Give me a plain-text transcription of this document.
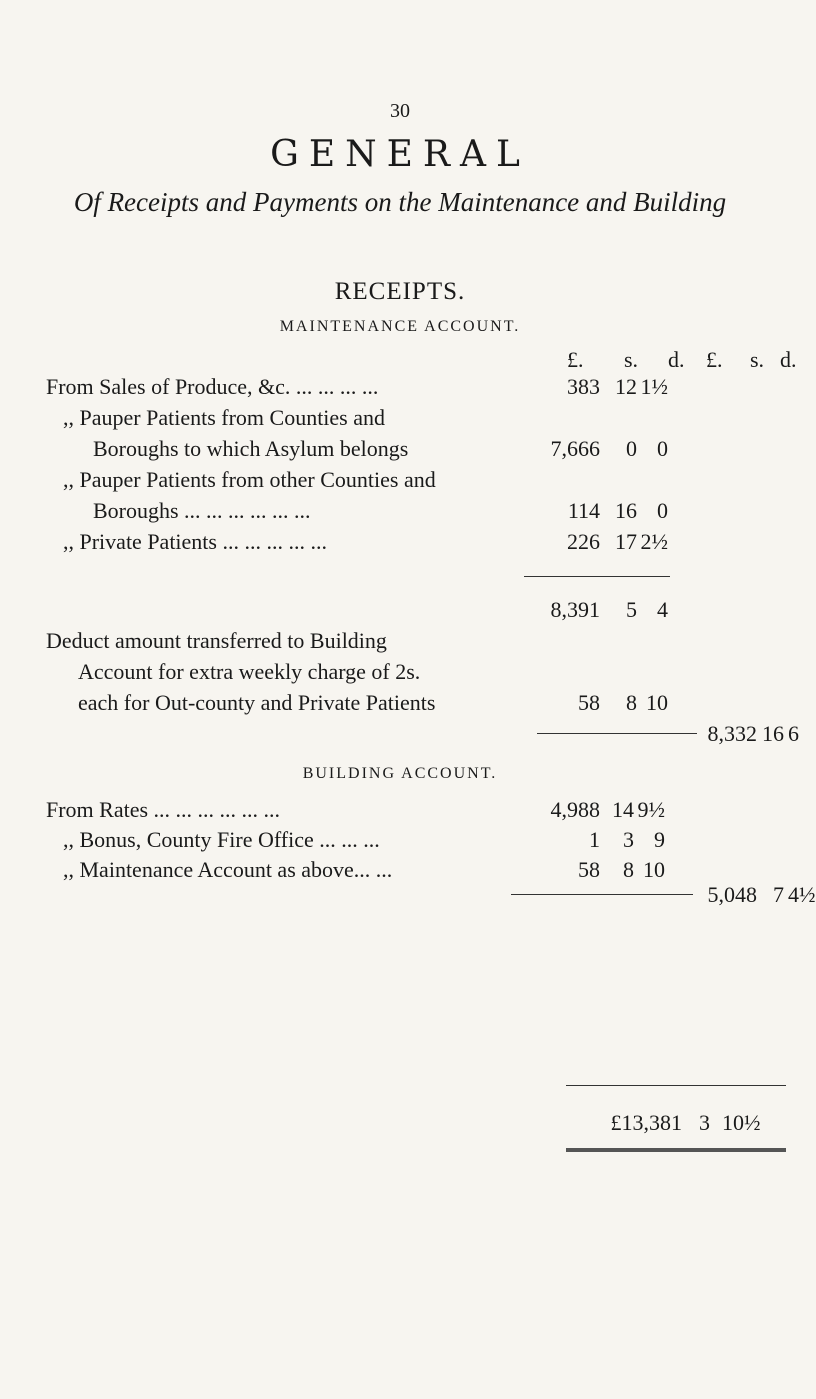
30
GENERAL
Of Receipts and Payments on the Maintenance and Building
RECEIPTS.
MAINTENANCE ACCOUNT.
£. s. d. £. s. d.
From Sales of Produce, &c. ... ... ... ...	383 12 1½
,, Pauper Patients from Counties and
Boroughs to which Asylum belongs	7,666	0 0
,, Pauper Patients from other Counties and
Boroughs ... ... ... ... ... ...	114 16 0
,, Private Patients ... ... ... ... ...	226 17 2½
8,391	5 4
Deduct amount transferred to Building
Account for extra weekly charge of 2s.
each for Out-county and Private Patients	58	8 10
8,332 16 6
BUILDING ACCOUNT.
From Rates ... ... ... ... ... ...	4,988 14 9½
,, Bonus, County Fire Office ... ... ...	1	3 9
,, Maintenance Account as above... ...	58	8 10
5,048 7 4½
£13,381 3 10½
